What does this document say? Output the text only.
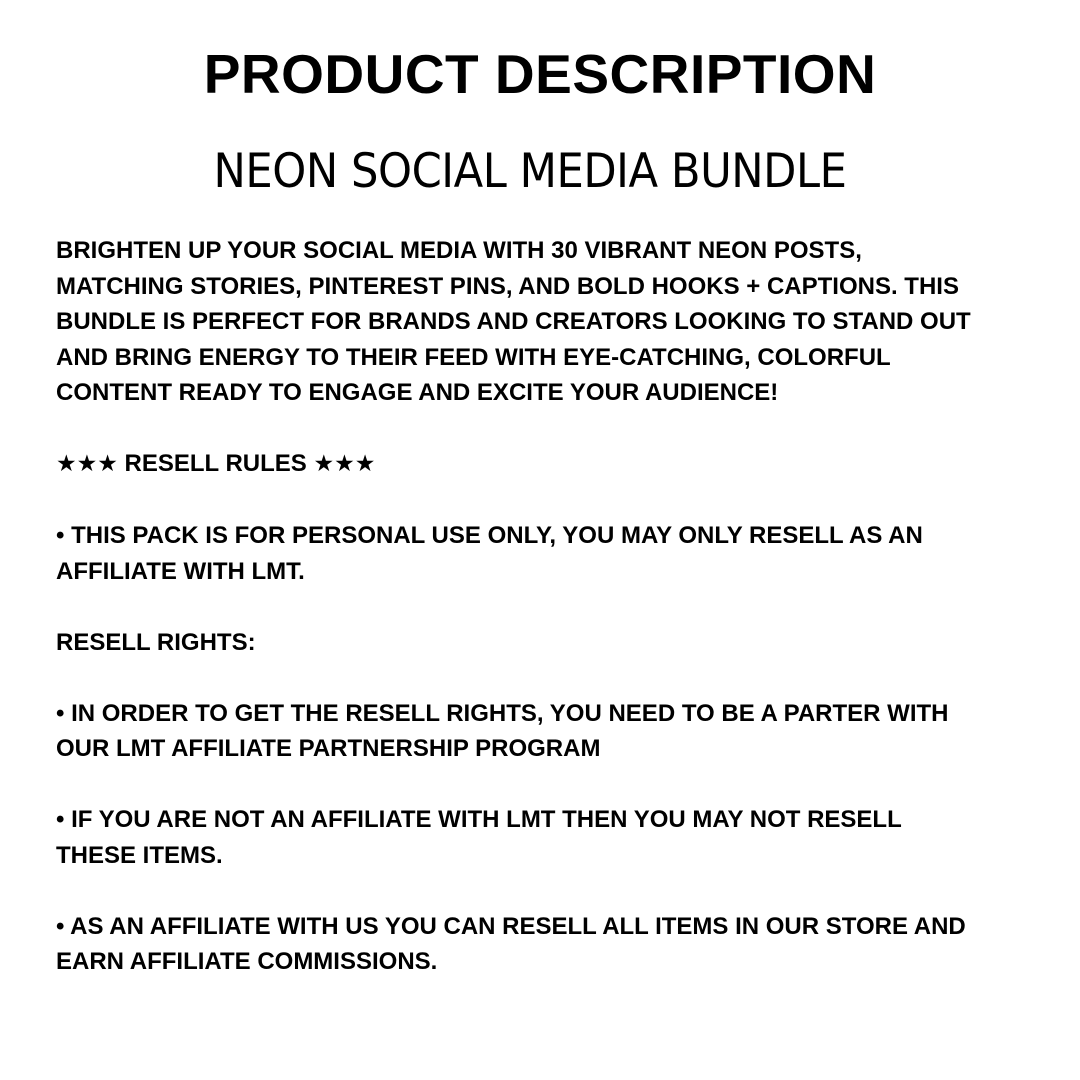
PRODUCT DESCRIPTION
NEON SOCIAL MEDIA BUNDLE

BRIGHTEN UP YOUR SOCIAL MEDIA WITH 30 VIBRANT NEON POSTS,
MATCHING STORIES, PINTEREST PINS, AND BOLD HOOKS + CAPTIONS. THIS
BUNDLE IS PERFECT FOR BRANDS AND CREATORS LOOKING TO STAND OUT
AND BRING ENERGY TO THEIR FEED WITH EYE-CATCHING, COLORFUL
CONTENT READY TO ENGAGE AND EXCITE YOUR AUDIENCE!

★★★ RESELL RULES ★★★

• THIS PACK IS FOR PERSONAL USE ONLY, YOU MAY ONLY RESELL AS AN
AFFILIATE WITH LMT.

RESELL RIGHTS:

• IN ORDER TO GET THE RESELL RIGHTS, YOU NEED TO BE A PARTER WITH
OUR LMT AFFILIATE PARTNERSHIP PROGRAM

• IF YOU ARE NOT AN AFFILIATE WITH LMT THEN YOU MAY NOT RESELL
THESE ITEMS.

• AS AN AFFILIATE WITH US YOU CAN RESELL ALL ITEMS IN OUR STORE AND
EARN AFFILIATE COMMISSIONS.
